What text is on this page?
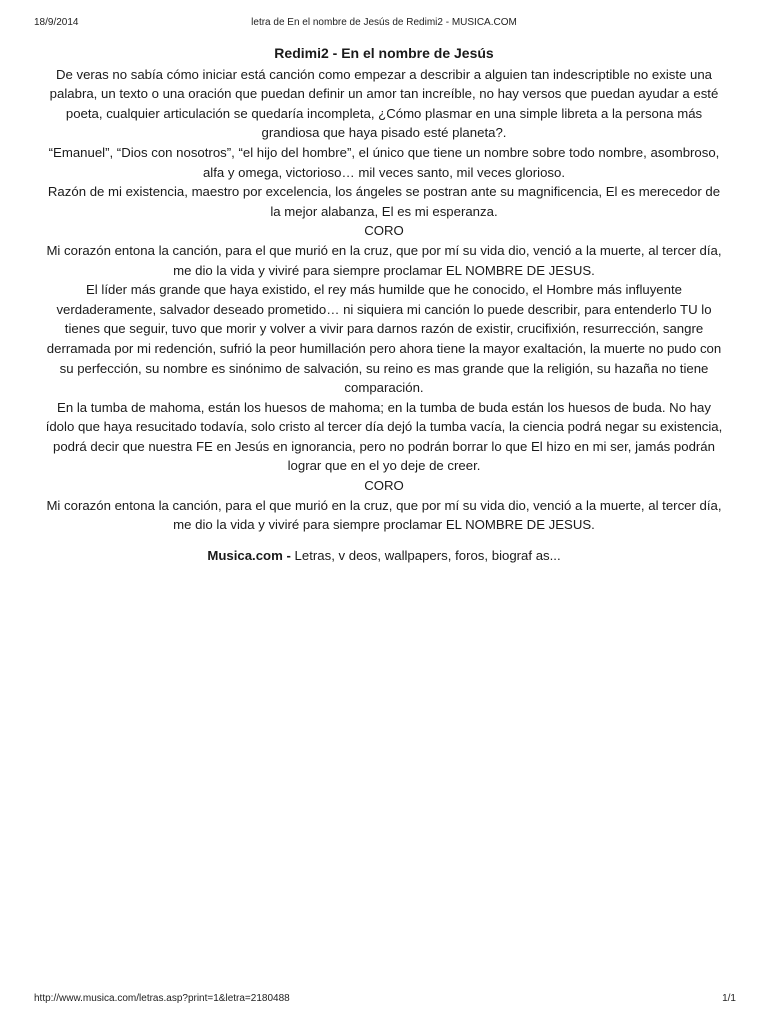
18/9/2014	letra de En el nombre de Jesús de Redimi2 - MUSICA.COM
Redimi2 - En el nombre de Jesús

De veras no sabía cómo iniciar está canción como empezar a describir a alguien tan indescriptible no existe una palabra, un texto o una oración que puedan definir un amor tan increíble, no hay versos que puedan ayudar a esté poeta, cualquier articulación se quedaría incompleta, ¿Cómo plasmar en una simple libreta a la persona más grandiosa que haya pisado esté planeta?.

“Emanuel”, “Dios con nosotros”, “el hijo del hombre”, el único que tiene un nombre sobre todo nombre, asombroso, alfa y omega, victorioso… mil veces santo, mil veces glorioso.

Razón de mi existencia, maestro por excelencia, los ángeles se postran ante su magnificencia, El es merecedor de la mejor alabanza, El es mi esperanza.

CORO

Mi corazón entona la canción, para el que murió en la cruz, que por mí su vida dio, venció a la muerte, al tercer día, me dio la vida y viviré para siempre proclamar EL NOMBRE DE JESUS.

El líder más grande que haya existido, el rey más humilde que he conocido, el Hombre más influyente verdaderamente, salvador deseado prometido… ni siquiera mi canción lo puede describir, para entenderlo TU lo tienes que seguir, tuvo que morir y volver a vivir para darnos razón de existir, crucifixión, resurrección, sangre derramada por mi redención, sufrió la peor humillación pero ahora tiene la mayor exaltación, la muerte no pudo con su perfección, su nombre es sinónimo de salvación, su reino es mas grande que la religión, su hazaña no tiene comparación.

En la tumba de mahoma, están los huesos de mahoma; en la tumba de buda están los huesos de buda. No hay ídolo que haya resucitado todavía, solo cristo al tercer día dejó la tumba vacía, la ciencia podrá negar su existencia, podrá decir que nuestra FE en Jesús en ignorancia, pero no podrán borrar lo que El hizo en mi ser, jamás podrán lograr que en el yo deje de creer.

CORO

Mi corazón entona la canción, para el que murió en la cruz, que por mí su vida dio, venció a la muerte, al tercer día, me dio la vida y viviré para siempre proclamar EL NOMBRE DE JESUS.

Musica.com - Letras, v deos, wallpapers, foros, biograf as...

http://www.musica.com/letras.asp?print=1&letra=2180488	1/1
